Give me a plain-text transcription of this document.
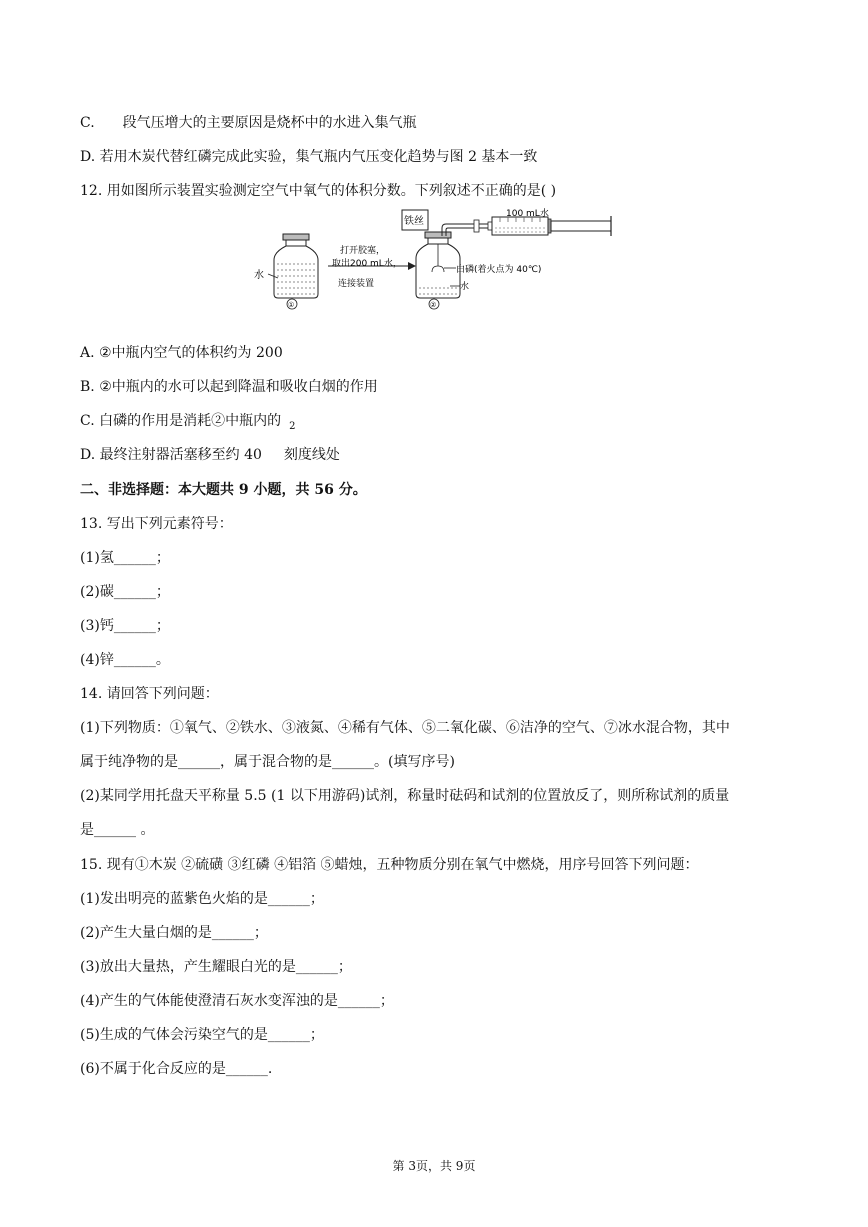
C. 段气压增大的主要原因是烧杯中的水进入集气瓶
D. 若用木炭代替红磷完成此实验，集气瓶内气压变化趋势与图 2 基本一致
12. 用如图所示装置实验测定空气中氧气的体积分数。下列叙述不正确的是( )
水
①
打开胶塞，
取出200 mL水，
连接装置
铁丝
②
100 mL水
白磷(着火点为 40℃)
水
A. ②中瓶内空气的体积约为 200
B. ②中瓶内的水可以起到降温和吸收白烟的作用
C. 白磷的作用是消耗②中瓶内的 $_2$
D. 最终注射器活塞移至约 40 刻度线处
二、非选择题：本大题共 9 小题，共 56 分。
13. 写出下列元素符号：
(1)氢______；
(2)碳______；
(3)钙______；
(4)锌______。
14. 请回答下列问题：
(1)下列物质：①氧气、②铁水、③液氮、④稀有气体、⑤二氧化碳、⑥洁净的空气、⑦冰水混合物，其中
属于纯净物的是______，属于混合物的是______。(填写序号)
(2)某同学用托盘天平称量 5.5 (1 以下用游码)试剂，称量时砝码和试剂的位置放反了，则所称试剂的质量
是______ 。
15. 现有①木炭 ②硫磺 ③红磷 ④铝箔 ⑤蜡烛，五种物质分别在氧气中燃烧，用序号回答下列问题：
(1)发出明亮的蓝紫色火焰的是______；
(2)产生大量白烟的是______；
(3)放出大量热，产生耀眼白光的是______；
(4)产生的气体能使澄清石灰水变浑浊的是______；
(5)生成的气体会污染空气的是______；
(6)不属于化合反应的是______.
第 3页，共 9页
